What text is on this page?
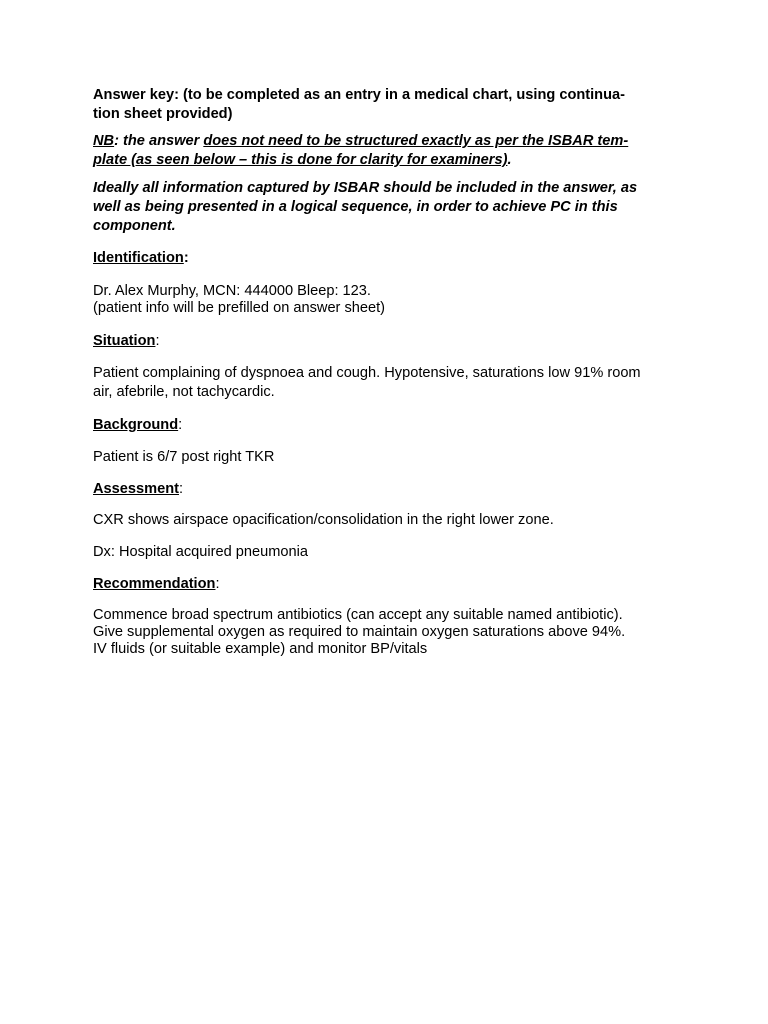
Answer key: (to be completed as an entry in a medical chart, using continua-
tion sheet provided)

NB: the answer does not need to be structured exactly as per the ISBAR tem-
plate (as seen below – this is done for clarity for examiners).

Ideally all information captured by ISBAR should be included in the answer, as
well as being presented in a logical sequence, in order to achieve PC in this
component.

Identification:

Dr. Alex Murphy, MCN: 444000 Bleep: 123.
(patient info will be prefilled on answer sheet)

Situation:

Patient complaining of dyspnoea and cough. Hypotensive, saturations low 91% room
air, afebrile, not tachycardic.

Background:

Patient is 6/7 post right TKR

Assessment:

CXR shows airspace opacification/consolidation in the right lower zone.

Dx: Hospital acquired pneumonia

Recommendation:

Commence broad spectrum antibiotics (can accept any suitable named antibiotic).
Give supplemental oxygen as required to maintain oxygen saturations above 94%.
IV fluids (or suitable example) and monitor BP/vitals
